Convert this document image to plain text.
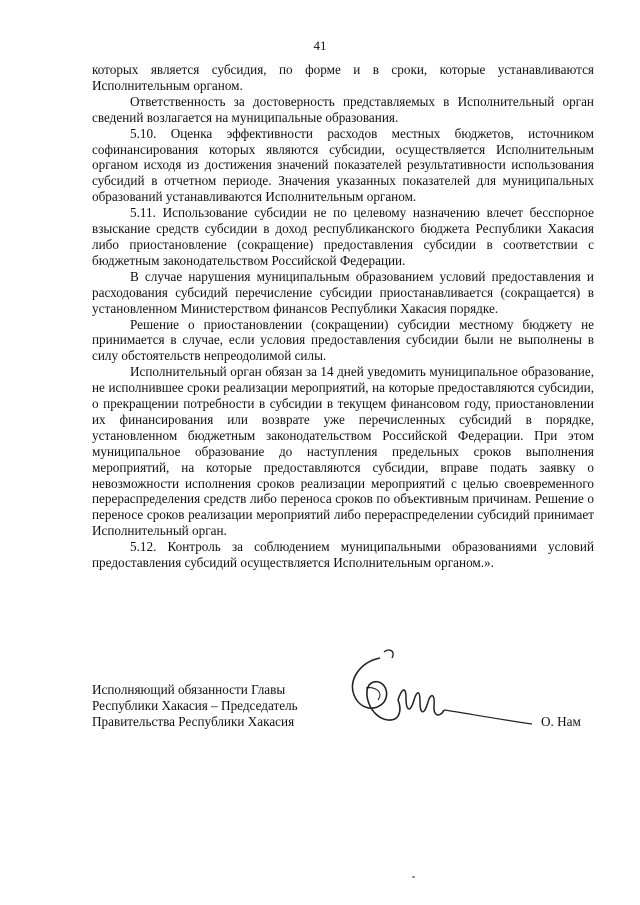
41

которых является субсидия, по форме и в сроки, которые устанавливаются Исполнительным органом.

Ответственность за достоверность представляемых в Исполнительный орган сведений возлагается на муниципальные образования.

5.10. Оценка эффективности расходов местных бюджетов, источником софинансирования которых являются субсидии, осуществляется Исполнительным органом исходя из достижения значений показателей результативности использования субсидий в отчетном периоде. Значения указанных показателей для муниципальных образований устанавливаются Исполнительным органом.

5.11. Использование субсидии не по целевому назначению влечет бесспорное взыскание средств субсидии в доход республиканского бюджета Республики Хакасия либо приостановление (сокращение) предоставления субсидии в соответствии с бюджетным законодательством Российской Федерации.

В случае нарушения муниципальным образованием условий предоставления и расходования субсидий перечисление субсидии приостанавливается (сокращается) в установленном Министерством финансов Республики Хакасия порядке.

Решение о приостановлении (сокращении) субсидии местному бюджету не принимается в случае, если условия предоставления субсидии были не выполнены в силу обстоятельств непреодолимой силы.

Исполнительный орган обязан за 14 дней уведомить муниципальное образование, не исполнившее сроки реализации мероприятий, на которые предоставляются субсидии, о прекращении потребности в субсидии в текущем финансовом году, приостановлении их финансирования или возврате уже перечисленных субсидий в порядке, установленном бюджетным законодательством Российской Федерации. При этом муниципальное образование до наступления предельных сроков выполнения мероприятий, на которые предоставляются субсидии, вправе подать заявку о невозможности исполнения сроков реализации мероприятий с целью своевременного перераспределения средств либо переноса сроков по объективным причинам. Решение о переносе сроков реализации мероприятий либо перераспределении субсидий принимает Исполнительный орган.

5.12. Контроль за соблюдением муниципальными образованиями условий предоставления субсидий осуществляется Исполнительным органом.».

Исполняющий обязанности Главы
Республики Хакасия – Председатель
Правительства Республики Хакасия	О. Нам
